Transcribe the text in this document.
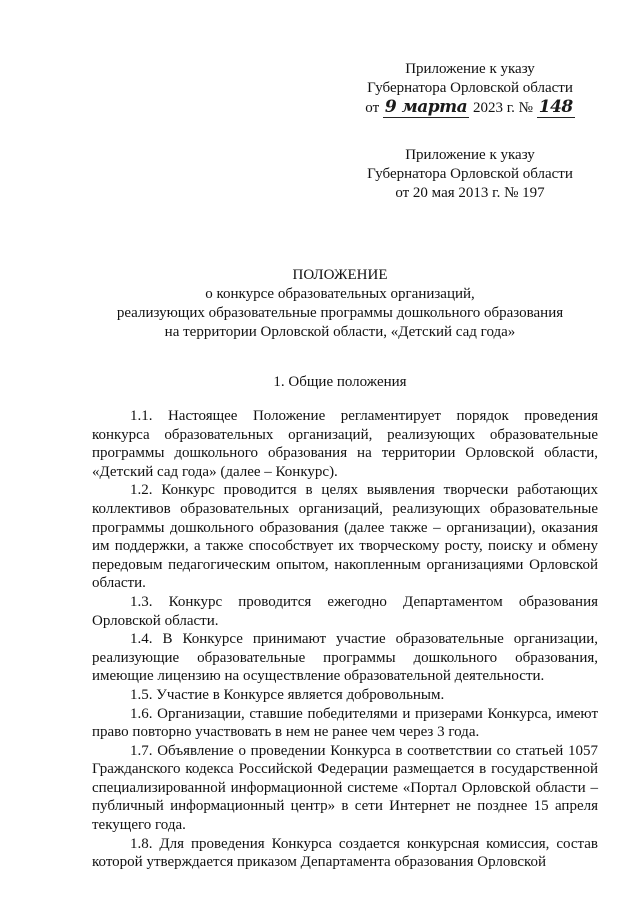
Приложение к указу
Губернатора Орловской области
от 9 марта 2023 г. № 148
Приложение к указу
Губернатора Орловской области
от 20 мая 2013 г. № 197
ПОЛОЖЕНИЕ
о конкурсе образовательных организаций,
реализующих образовательные программы дошкольного образования
на территории Орловской области, «Детский сад года»
1. Общие положения

1.1. Настоящее Положение регламентирует порядок проведения конкурса образовательных организаций, реализующих образовательные программы дошкольного образования на территории Орловской области, «Детский сад года» (далее – Конкурс).

1.2. Конкурс проводится в целях выявления творчески работающих коллективов образовательных организаций, реализующих образовательные программы дошкольного образования (далее также – организации), оказания им поддержки, а также способствует их творческому росту, поиску и обмену передовым педагогическим опытом, накопленным организациями Орловской области.

1.3. Конкурс проводится ежегодно Департаментом образования Орловской области.

1.4. В Конкурсе принимают участие образовательные организации, реализующие образовательные программы дошкольного образования, имеющие лицензию на осуществление образовательной деятельности.

1.5. Участие в Конкурсе является добровольным.

1.6. Организации, ставшие победителями и призерами Конкурса, имеют право повторно участвовать в нем не ранее чем через 3 года.

1.7. Объявление о проведении Конкурса в соответствии со статьей 1057 Гражданского кодекса Российской Федерации размещается в государственной специализированной информационной системе «Портал Орловской области – публичный информационный центр» в сети Интернет не позднее 15 апреля текущего года.

1.8. Для проведения Конкурса создается конкурсная комиссия, состав которой утверждается приказом Департамента образования Орловской
